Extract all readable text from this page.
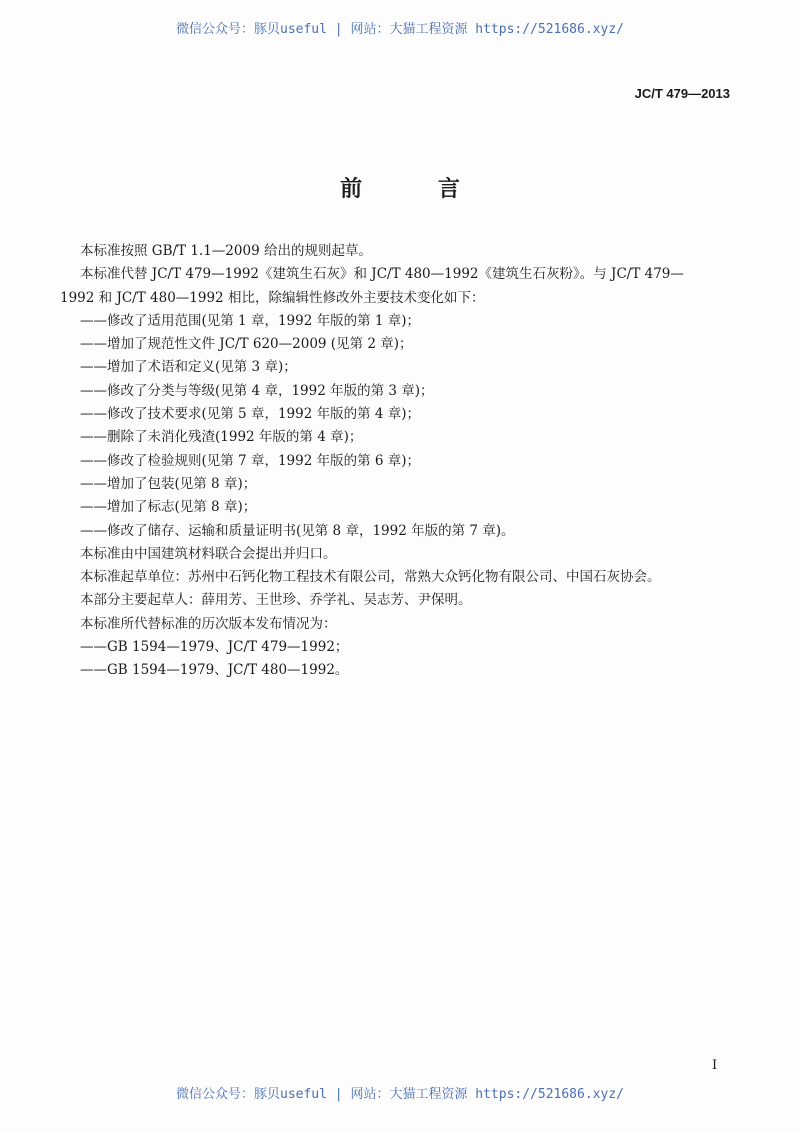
微信公众号：豚贝useful | 网站：大猫工程资源 https://521686.xyz/
JC/T 479—2013
前 言

本标准按照 GB/T 1.1—2009 给出的规则起草。

本标准代替 JC/T 479—1992《建筑生石灰》和 JC/T 480—1992《建筑生石灰粉》。与 JC/T 479—

1992 和 JC/T 480—1992 相比，除编辑性修改外主要技术变化如下：

——修改了适用范围(见第 1 章，1992 年版的第 1 章)；

——增加了规范性文件 JC/T 620—2009 (见第 2 章)；

——增加了术语和定义(见第 3 章)；

——修改了分类与等级(见第 4 章，1992 年版的第 3 章)；

——修改了技术要求(见第 5 章，1992 年版的第 4 章)；

——删除了未消化残渣(1992 年版的第 4 章)；

——修改了检验规则(见第 7 章，1992 年版的第 6 章)；

——增加了包装(见第 8 章)；

——增加了标志(见第 8 章)；

——修改了储存、运输和质量证明书(见第 8 章，1992 年版的第 7 章)。

本标准由中国建筑材料联合会提出并归口。

本标准起草单位：苏州中石钙化物工程技术有限公司，常熟大众钙化物有限公司、中国石灰协会。

本部分主要起草人：薛用芳、王世珍、乔学礼、吴志芳、尹保明。

本标准所代替标准的历次版本发布情况为：

——GB 1594—1979、JC/T 479—1992；

——GB 1594—1979、JC/T 480—1992。

I
微信公众号：豚贝useful | 网站：大猫工程资源 https://521686.xyz/
